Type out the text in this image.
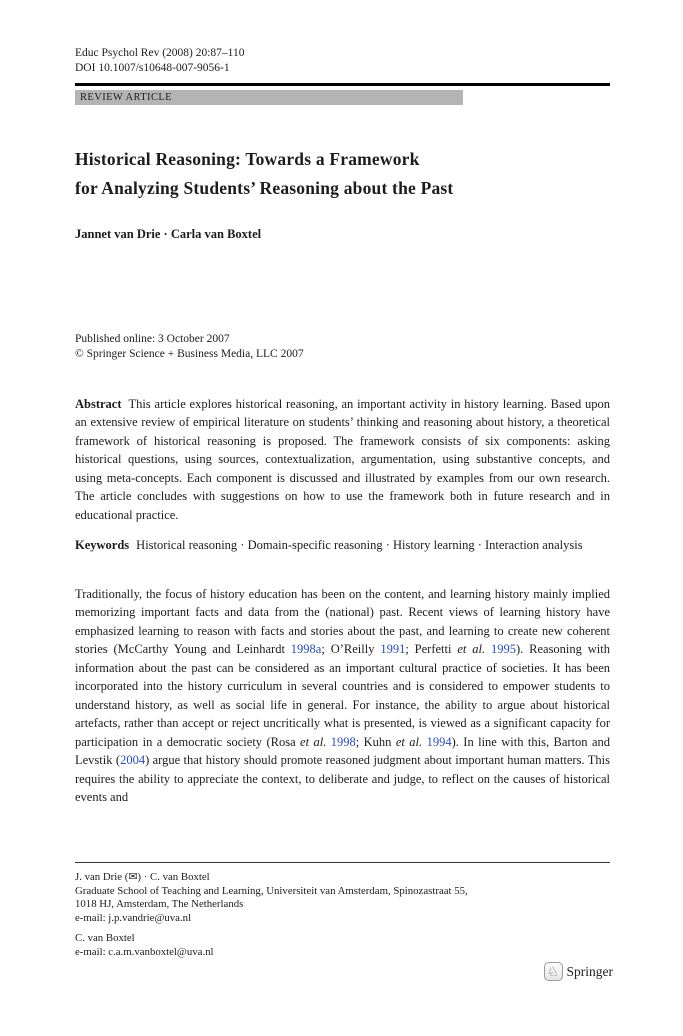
Educ Psychol Rev (2008) 20:87–110
DOI 10.1007/s10648-007-9056-1
REVIEW ARTICLE
Historical Reasoning: Towards a Framework
for Analyzing Students’ Reasoning about the Past
Jannet van Drie · Carla van Boxtel
Published online: 3 October 2007
© Springer Science + Business Media, LLC 2007
Abstract This article explores historical reasoning, an important activity in history learning. Based upon an extensive review of empirical literature on students’ thinking and reasoning about history, a theoretical framework of historical reasoning is proposed. The framework consists of six components: asking historical questions, using sources, contextualization, argumentation, using substantive concepts, and using meta-concepts. Each component is discussed and illustrated by examples from our own research. The article concludes with suggestions on how to use the framework both in future research and in educational practice.
Keywords Historical reasoning · Domain-specific reasoning · History learning · Interaction analysis
Traditionally, the focus of history education has been on the content, and learning history mainly implied memorizing important facts and data from the (national) past. Recent views of learning history have emphasized learning to reason with facts and stories about the past, and learning to create new coherent stories (McCarthy Young and Leinhardt 1998a; O’Reilly 1991; Perfetti et al. 1995). Reasoning with information about the past can be considered as an important cultural practice of societies. It has been incorporated into the history curriculum in several countries and is considered to empower students to understand history, as well as social life in general. For instance, the ability to argue about historical artefacts, rather than accept or reject uncritically what is presented, is viewed as a significant capacity for participation in a democratic society (Rosa et al. 1998; Kuhn et al. 1994). In line with this, Barton and Levstik (2004) argue that history should promote reasoned judgment about important human matters. This requires the ability to appreciate the context, to deliberate and judge, to reflect on the causes of historical events and
J. van Drie (✉) · C. van Boxtel
Graduate School of Teaching and Learning, Universiteit van Amsterdam, Spinozastraat 55,
1018 HJ, Amsterdam, The Netherlands
e-mail: j.p.vandrie@uva.nl
C. van Boxtel
e-mail: c.a.m.vanboxtel@uva.nl
♘ Springer
